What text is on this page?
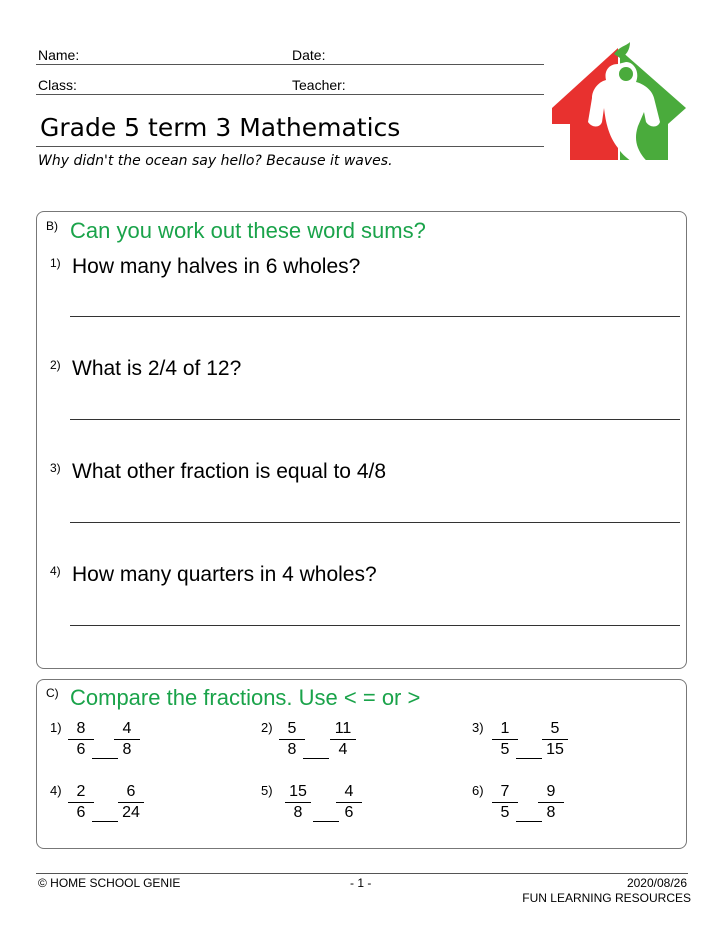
Name:	Date:
Class:	Teacher:
Grade 5 term 3 Mathematics
Why didn't the ocean say hello? Because it waves.
B) Can you work out these word sums?
1) How many halves in 6 wholes?
2) What is 2/4 of 12?
3) What other fraction is equal to 4/8
4) How many quarters in 4 wholes?
C) Compare the fractions. Use < = or >
$1) \frac{8}{6} \frac{4}{8}$	$2) \frac{5}{8} \frac{11}{4}$	$3) \frac{1}{5} \frac{5}{15}$
$4) \frac{2}{6} \frac{6}{24}$	$5) \frac{15}{8} \frac{4}{6}$	$6) \frac{7}{5} \frac{9}{8}$
© HOME SCHOOL GENIE	- 1 -	2020/08/26
FUN LEARNING RESOURCES
